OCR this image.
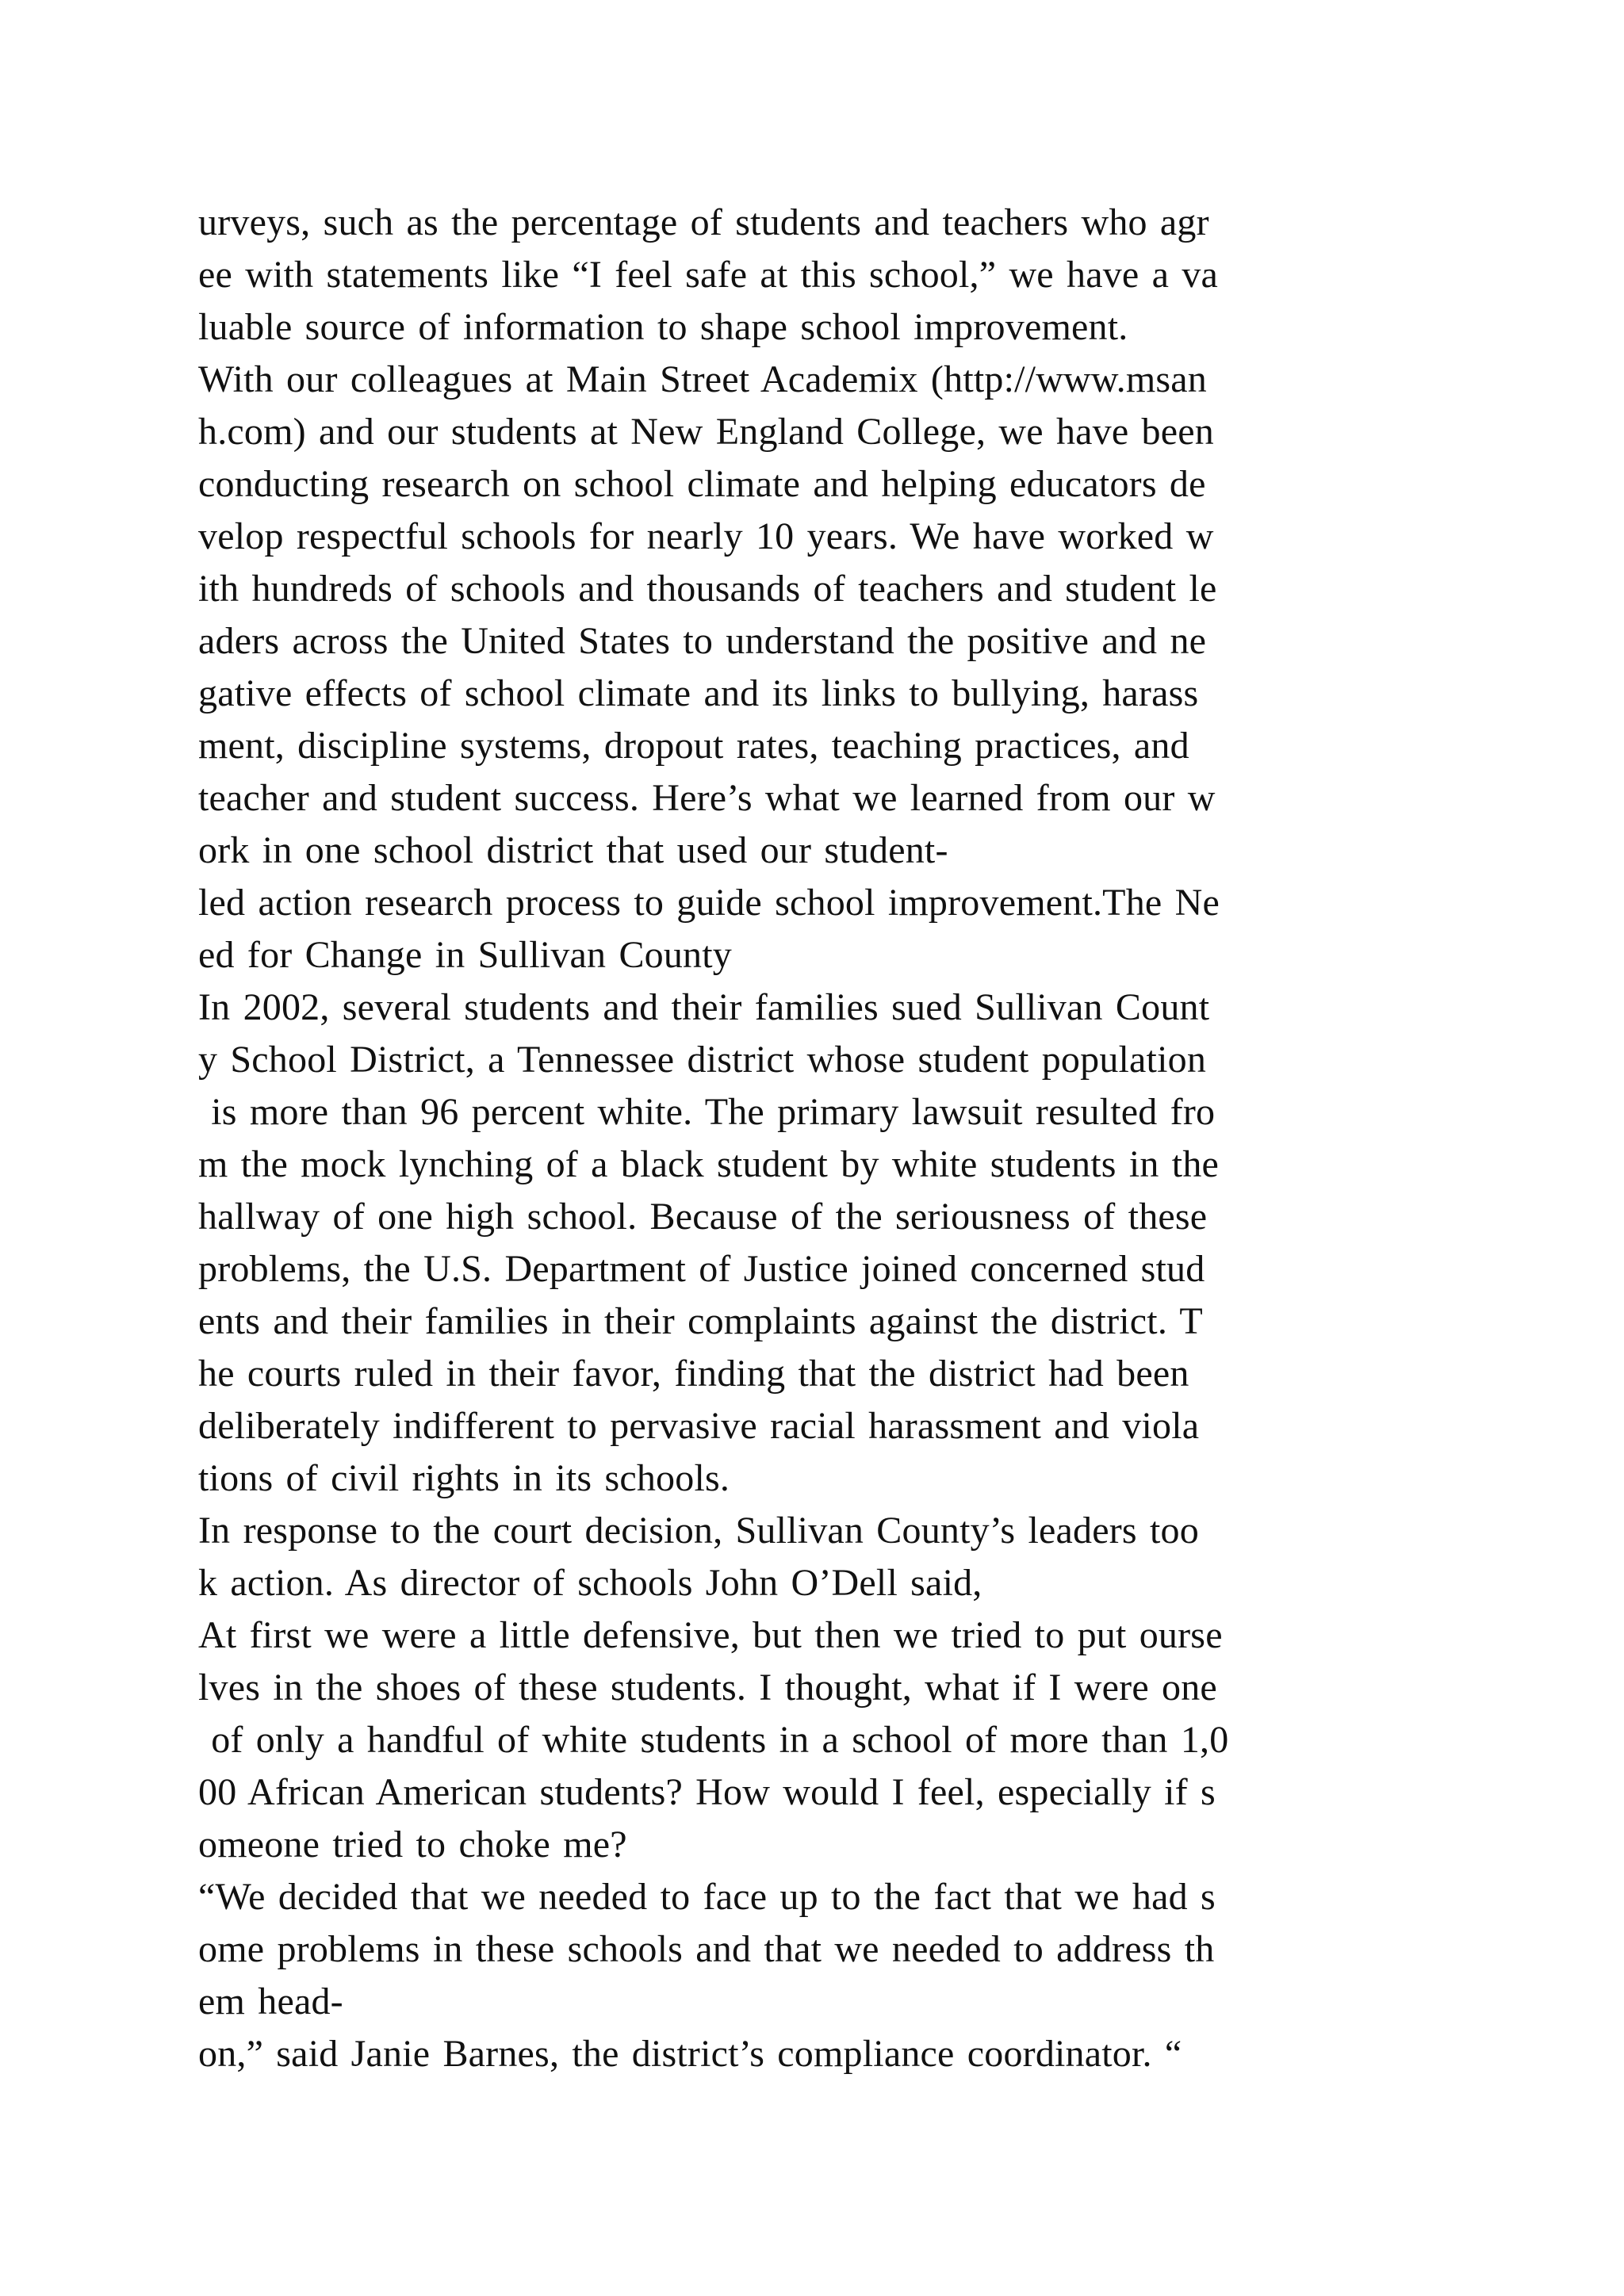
urveys, such as the percentage of students and teachers who agr
ee with statements like “I feel safe at this school,” we have a va
luable source of information to shape school improvement.
With our colleagues at Main Street Academix (http://www.msan
h.com) and our students at New England College, we have been
conducting research on school climate and helping educators de
velop respectful schools for nearly 10 years. We have worked w
ith hundreds of schools and thousands of teachers and student le
aders across the United States to understand the positive and ne
gative effects of school climate and its links to bullying, harass
ment, discipline systems, dropout rates, teaching practices, and
teacher and student success. Here’s what we learned from our w
ork in one school district that used our student-
led action research process to guide school improvement.The Ne
ed for Change in Sullivan County
In 2002, several students and their families sued Sullivan Count
y School District, a Tennessee district whose student population
is more than 96 percent white. The primary lawsuit resulted fro
m the mock lynching of a black student by white students in the
hallway of one high school. Because of the seriousness of these
problems, the U.S. Department of Justice joined concerned stud
ents and their families in their complaints against the district. T
he courts ruled in their favor, finding that the district had been
deliberately indifferent to pervasive racial harassment and viola
tions of civil rights in its schools.
In response to the court decision, Sullivan County’s leaders too
k action. As director of schools John O’Dell said,
At first we were a little defensive, but then we tried to put ourse
lves in the shoes of these students. I thought, what if I were one
of only a handful of white students in a school of more than 1,0
00 African American students? How would I feel, especially if s
omeone tried to choke me?
“We decided that we needed to face up to the fact that we had s
ome problems in these schools and that we needed to address th
em head-
on,” said Janie Barnes, the district’s compliance coordinator. “
